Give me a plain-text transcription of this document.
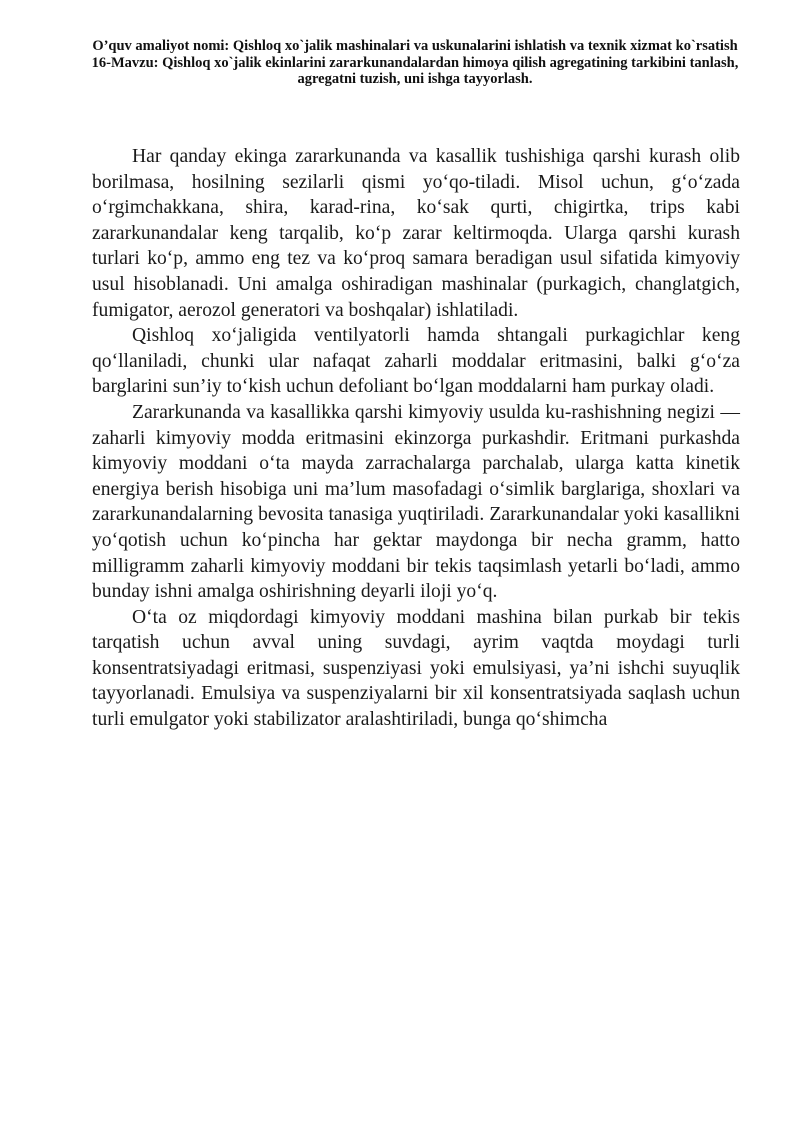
O’quv amaliyot nomi: Qishloq xo`jalik mashinalari va uskunalarini ishlatish va texnik xizmat ko`rsatish
16-Mavzu: Qishloq xo`jalik ekinlarini zararkunandalardan himoya qilish agregatining tarkibini tanlash, agregatni tuzish, uni ishga tayyorlash.

Har qanday ekinga zararkunanda va kasallik tushishiga qarshi kurash olib borilmasa, hosilning sezilarli qismi yo‘qo-tiladi. Misol uchun, g‘o‘zada o‘rgimchakkana, shira, karad-rina, ko‘sak qurti, chigirtka, trips kabi zararkunandalar keng tarqalib, ko‘p zarar keltirmoqda. Ularga qarshi kurash turlari ko‘p, ammo eng tez va ko‘proq samara beradigan usul sifatida kimyoviy usul hisoblanadi. Uni amalga oshiradigan mashinalar (purkagich, changlatgich, fumigator, aerozol generatori va boshqalar) ishlatiladi.

Qishloq xo‘jaligida ventilyatorli hamda shtangali purkagichlar keng qo‘llaniladi, chunki ular nafaqat zaharli moddalar eritmasini, balki g‘o‘za barglarini sun’iy to‘kish uchun defoliant bo‘lgan moddalarni ham purkay oladi.

Zararkunanda va kasallikka qarshi kimyoviy usulda ku-rashishning negizi — zaharli kimyoviy modda eritmasini ekinzorga purkashdir. Eritmani purkashda kimyoviy moddani o‘ta mayda zarrachalarga parchalab, ularga katta kinetik energiya berish hisobiga uni ma’lum masofadagi o‘simlik barglariga, shoxlari va zararkunandalarning bevosita tanasiga yuqtiriladi. Zararkunandalar yoki kasallikni yo‘qotish uchun ko‘pincha har gektar maydonga bir necha gramm, hatto milligramm zaharli kimyoviy moddani bir tekis taqsimlash yetarli bo‘ladi, ammo bunday ishni amalga oshirishning deyarli iloji yo‘q.

O‘ta oz miqdordagi kimyoviy moddani mashina bilan purkab bir tekis tarqatish uchun avval uning suvdagi, ayrim vaqtda moydagi turli konsentratsiyadagi eritmasi, suspenziyasi yoki emulsiyasi, ya’ni ishchi suyuqlik tayyorlanadi. Emulsiya va suspenziyalarni bir xil konsentratsiyada saqlash uchun turli emulgator yoki stabilizator aralashtiriladi, bunga qo‘shimcha
